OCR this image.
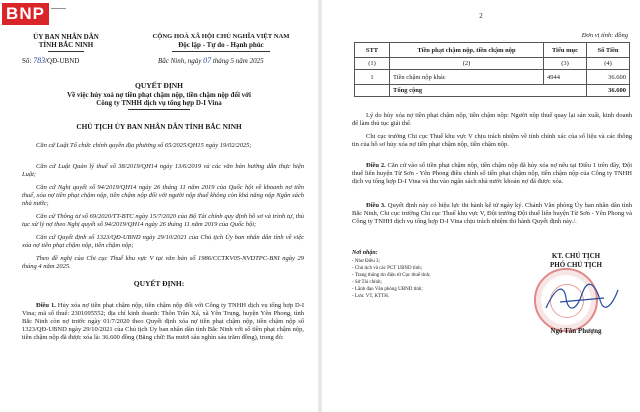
BNP	▬▬▬▬▬
ỦY BAN NHÂN DÂN
TỈNH BẮC NINH
Số: 783/QĐ-UBND
CỘNG HOÀ XÃ HỘI CHỦ NGHĨA VIỆT NAM
Độc lập - Tự do - Hạnh phúc
Bắc Ninh, ngày 07 tháng 5 năm 2025
QUYẾT ĐỊNH
Về việc hủy xoá nợ tiền phạt chậm nộp, tiền chậm nộp đối với
Công ty TNHH dịch vụ tổng hợp D-I Vina
CHỦ TỊCH ỦY BAN NHÂN DÂN TỈNH BẮC NINH
Căn cứ Luật Tổ chức chính quyền địa phương số 65/2025/QH15 ngày 19/02/2025;
Căn cứ Luật Quản lý thuế số 38/2019/QH14 ngày 13/6/2019 và các văn bản hướng dẫn thực hiện Luật;
Căn cứ Nghị quyết số 94/2019/QH14 ngày 26 tháng 11 năm 2019 của Quốc hội về khoanh nợ tiền thuế, xóa nợ tiền phạt chậm nộp, tiền chậm nộp đối với người nộp thuế không còn khả năng nộp Ngân sách nhà nước;
Căn cứ Thông tư số 69/2020/TT-BTC ngày 15/7/2020 của Bộ Tài chính quy định hồ sơ và trình tự, thủ tục xử lý nợ theo Nghị quyết số 94/2019/QH14 ngày 26 tháng 11 năm 2019 của Quốc hội;
Căn cứ Quyết định số 1323/QĐ-UBND ngày 29/10/2021 của Chủ tịch Ủy ban nhân dân tỉnh về việc xóa nợ tiền phạt chậm nộp, tiền chậm nộp;
Theo đề nghị của Chi cục Thuế khu vực V tại văn bản số 1986/CCTKV05-NVDTPC-BNI ngày 29 tháng 4 năm 2025.
QUYẾT ĐỊNH:
Điều 1. Hủy xóa nợ tiền phạt chậm nộp, tiền chậm nộp đối với Công ty TNHH dịch vụ tổng hợp D-I Vina; mã số thuế: 2301095552; địa chỉ kinh doanh: Thôn Trần Xá, xã Yên Trung, huyện Yên Phong, tỉnh Bắc Ninh còn nợ trước ngày 01/7/2020 theo Quyết định xóa nợ tiền phạt chậm nộp, tiền chậm nộp số 1323/QĐ-UBND ngày 29/10/2021 của Chủ tịch Ủy ban nhân dân tỉnh Bắc Ninh với số tiền phạt chậm nộp, tiền chậm nộp đã được xóa là: 36.600 đồng (Bằng chữ: Ba mươi sáu nghìn sáu trăm đồng), trong đó:
2
Đơn vị tính: đồng
STT	Tiền phạt chậm nộp, tiền chậm nộp	Tiểu mục	Số Tiền
(1)	(2)	(3)	(4)
1	Tiền chậm nộp khác	4944	36.600
	Tổng cộng		36.600
Lý do hủy xóa nợ tiền phạt chậm nộp, tiền chậm nộp: Người nộp thuế quay lại sản xuất, kinh doanh để làm thủ tục giải thể.
Chi cục trưởng Chi cục Thuế khu vực V chịu trách nhiệm về tính chính xác của số liệu và các thông tin của hồ sơ hủy xóa nợ tiền phạt chậm nộp, tiền chậm nộp.
Điều 2. Căn cứ vào số tiền phạt chậm nộp, tiền chậm nộp đã hủy xóa nợ nêu tại Điều 1 trên đây, Đội thuế liên huyện Từ Sơn - Yên Phong điều chỉnh số tiền phạt chậm nộp, tiền chậm nộp của Công ty TNHH dịch vụ tổng hợp D-I Vina và thu vào ngân sách nhà nước khoản nợ đã được xóa.
Điều 3. Quyết định này có hiệu lực thi hành kể từ ngày ký. Chánh Văn phòng Ủy ban nhân dân tỉnh Bắc Ninh, Chi cục trưởng Chi cục Thuế khu vực V, Đội trưởng Đội thuế liên huyện Từ Sơn - Yên Phong và Công ty TNHH dịch vụ tổng hợp D-I Vina chịu trách nhiệm thi hành Quyết định này./.
Nơi nhận:
- Như Điều 3;
- Chủ tịch và các PCT UBND tỉnh;
- Trang thông tin điện tử Cục thuế tỉnh;
- Sở Tài chính;
- Lãnh đạo Văn phòng UBND tỉnh;
- Lưu: VT, KTTH.
KT. CHỦ TỊCH
PHÓ CHỦ TỊCH
Ngô Tân Phượng
